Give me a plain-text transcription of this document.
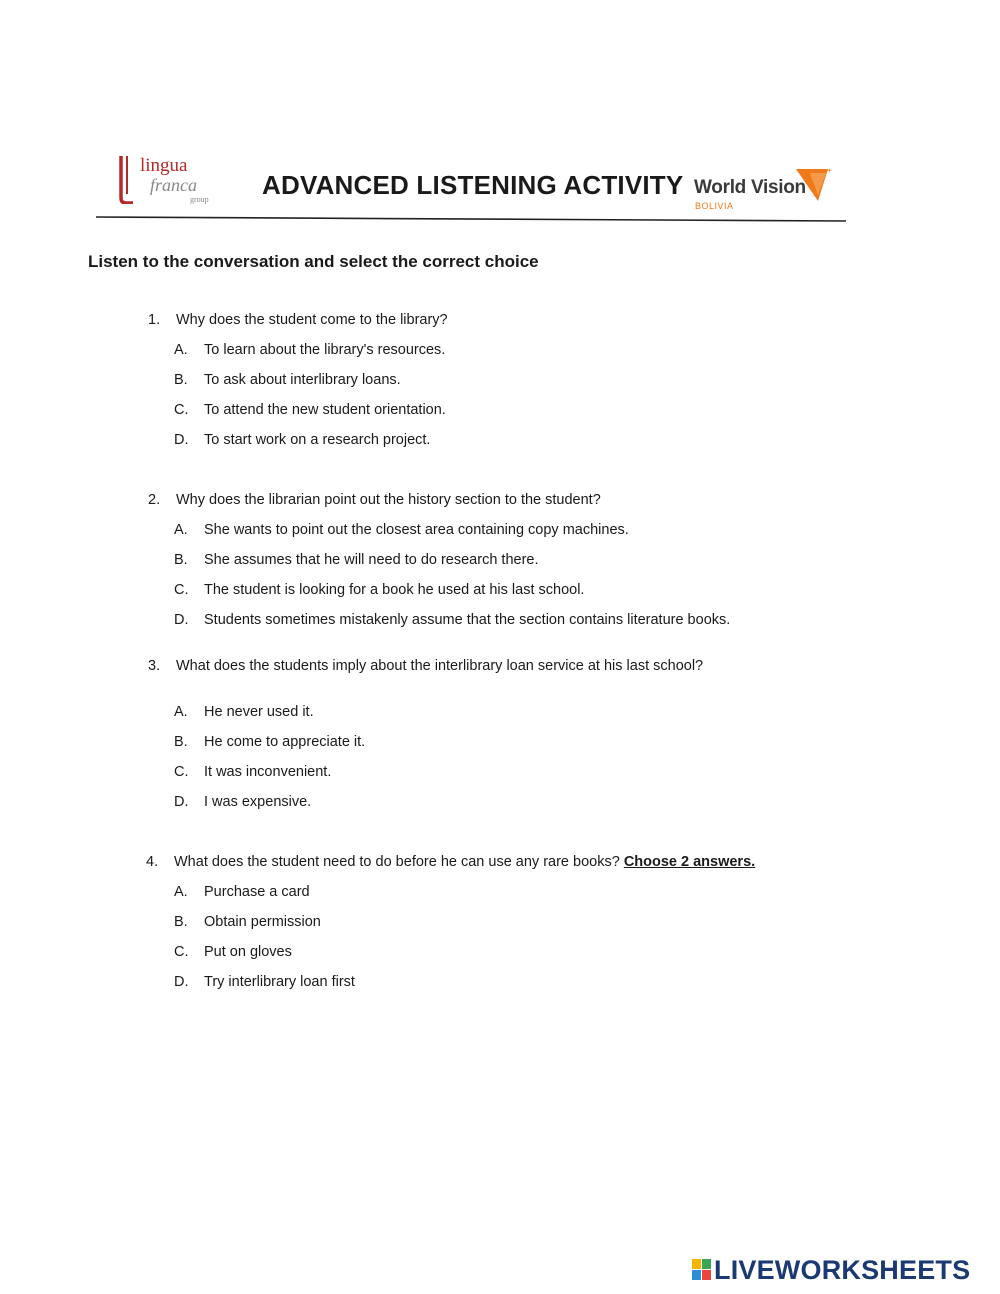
lingua
franca
group ADVANCED LISTENING ACTIVITY World Vision
BOLIVIA
+
Listen to the conversation and select the correct choice
1. Why does the student come to the library?
A. To learn about the library's resources.
B. To ask about interlibrary loans.
C. To attend the new student orientation.
D. To start work on a research project.
2. Why does the librarian point out the history section to the student?
A. She wants to point out the closest area containing copy machines.
B. She assumes that he will need to do research there.
C. The student is looking for a book he used at his last school.
D. Students sometimes mistakenly assume that the section contains literature books.
3. What does the students imply about the interlibrary loan service at his last school?
A. He never used it.
B. He come to appreciate it.
C. It was inconvenient.
D. I was expensive.
4. What does the student need to do before he can use any rare books? Choose 2 answers.
A. Purchase a card
B. Obtain permission
C. Put on gloves
D. Try interlibrary loan first
LIVEWORKSHEETS
